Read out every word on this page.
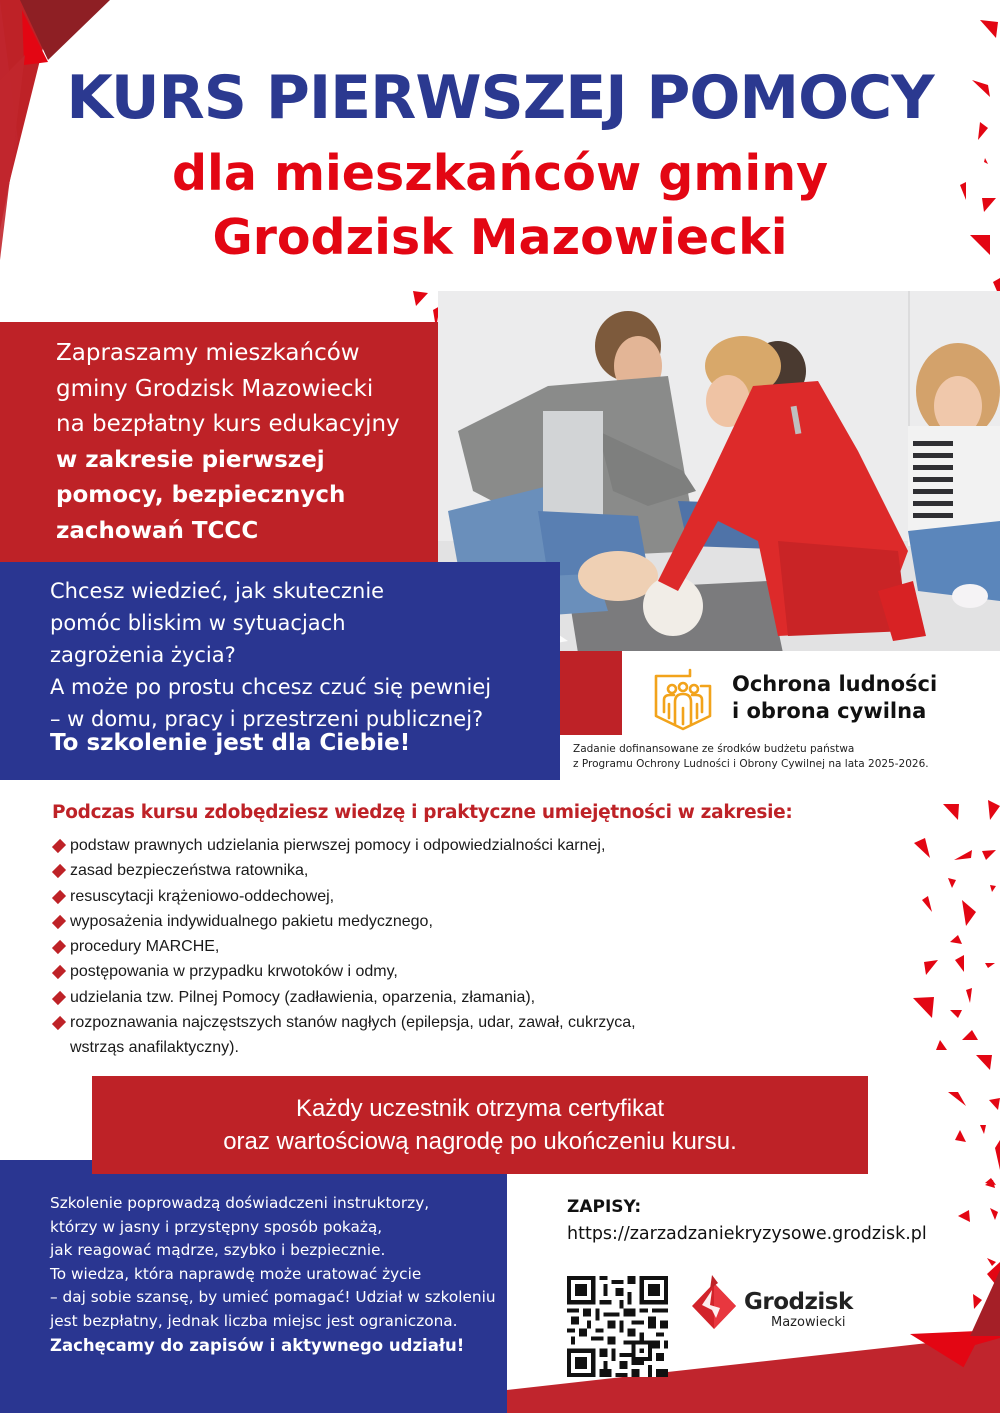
KURS PIERWSZEJ POMOCY
dla mieszkańców gminy
Grodzisk Mazowiecki
Zapraszamy mieszkańców
gminy Grodzisk Mazowiecki
na bezpłatny kurs edukacyjny
w zakresie pierwszej
pomocy, bezpiecznych
zachowań TCCC
Chcesz wiedzieć, jak skutecznie
pomóc bliskim w sytuacjach
zagrożenia życia?
A może po prostu chcesz czuć się pewniej
– w domu, pracy i przestrzeni publicznej?
To szkolenie jest dla Ciebie!
Ochrona ludności
i obrona cywilna
Zadanie dofinansowane ze środków budżetu państwa
z Programu Ochrony Ludności i Obrony Cywilnej na lata 2025-2026.
Podczas kursu zdobędziesz wiedzę i praktyczne umiejętności w zakresie:
podstaw prawnych udzielania pierwszej pomocy i odpowiedzialności karnej,
zasad bezpieczeństwa ratownika,
resuscytacji krążeniowo-oddechowej,
wyposażenia indywidualnego pakietu medycznego,
procedury MARCHE,
postępowania w przypadku krwotoków i odmy,
udzielania tzw. Pilnej Pomocy (zadławienia, oparzenia, złamania),
rozpoznawania najczęstszych stanów nagłych (epilepsja, udar, zawał, cukrzyca,
wstrząs anafilaktyczny).
Każdy uczestnik otrzyma certyfikat
oraz wartościową nagrodę po ukończeniu kursu.
Szkolenie poprowadzą doświadczeni instruktorzy,
którzy w jasny i przystępny sposób pokażą,
jak reagować mądrze, szybko i bezpiecznie.
To wiedza, która naprawdę może uratować życie
– daj sobie szansę, by umieć pomagać! Udział w szkoleniu
jest bezpłatny, jednak liczba miejsc jest ograniczona.
Zachęcamy do zapisów i aktywnego udziału!
ZAPISY:
https://zarzadzaniekryzysowe.grodzisk.pl
Grodzisk
Mazowiecki
